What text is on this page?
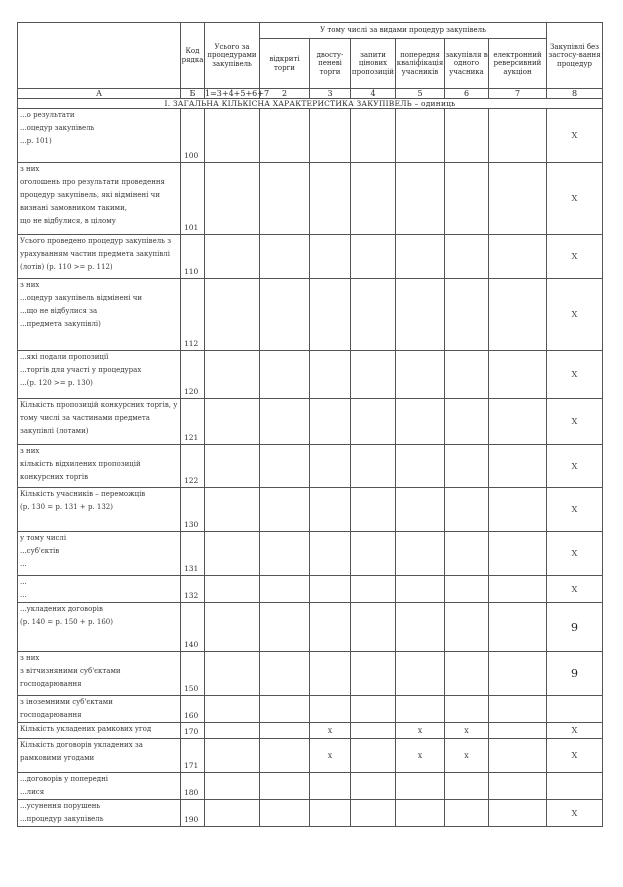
	Код рядка	Усього за процедурами закупівель	У тому числі за видами процедур закупівель						Закупівлі без застосу-вання процедур
			відкриті торги	двосту-пеневі торги	запити цінових пропозицій	попередня кваліфікація учасників	закупівля в одного учасника	електронний реверсивний аукціон	
А	Б	1=3+4+5+6+7	2	3	4	5	6	7	8
I. ЗАГАЛЬНА КІЛЬКІСНА ХАРАКТЕРИСТИКА ЗАКУПІВЕЛЬ – одиниць									

...о результати
...оцедур закупівель
...р. 101)	100								X

з них
оголошень про результати проведення
процедур закупівель, які відмінені чи
визнані замовником такими,
що не відбулися, в цілому	101								X

Усього проведено процедур закупівель з
урахуванням частин предмета закупівлі
(лотів) (р. 110 >= р. 112)	110								X

з них
...оцедур закупівель відмінені чи
...що не відбулися за
...предмета закупівлі)	112								X

...які подали пропозиції
...торгів для участі у процедурах
...(р. 120 >= р. 130)	120								X

Кількість пропозицій конкурсних торгів, у
тому числі за частинами предмета
закупівлі (лотами)	121								X

з них
кількість відхилених пропозицій
конкурсних торгів	122								X

Кількість учасників – переможців
(р. 130 = р. 131 + р. 132)	130								X

у тому числі
...суб'єктів
...	131								X

...
...	132								X

...укладених договорів
(р. 140 = р. 150 + р. 160)	140								9

з них
з вітчизняними суб'єктами
господарювання	150								9

з іноземними суб'єктами
господарювання	160								

Кількість укладених рамкових угод	170			x		x	x		X

Кількість договорів укладених за
рамковими угодами	171			x		x	x		X

...договорів у попередні
...лися	180								

...усунення порушень
...процедур закупівель	190								X
